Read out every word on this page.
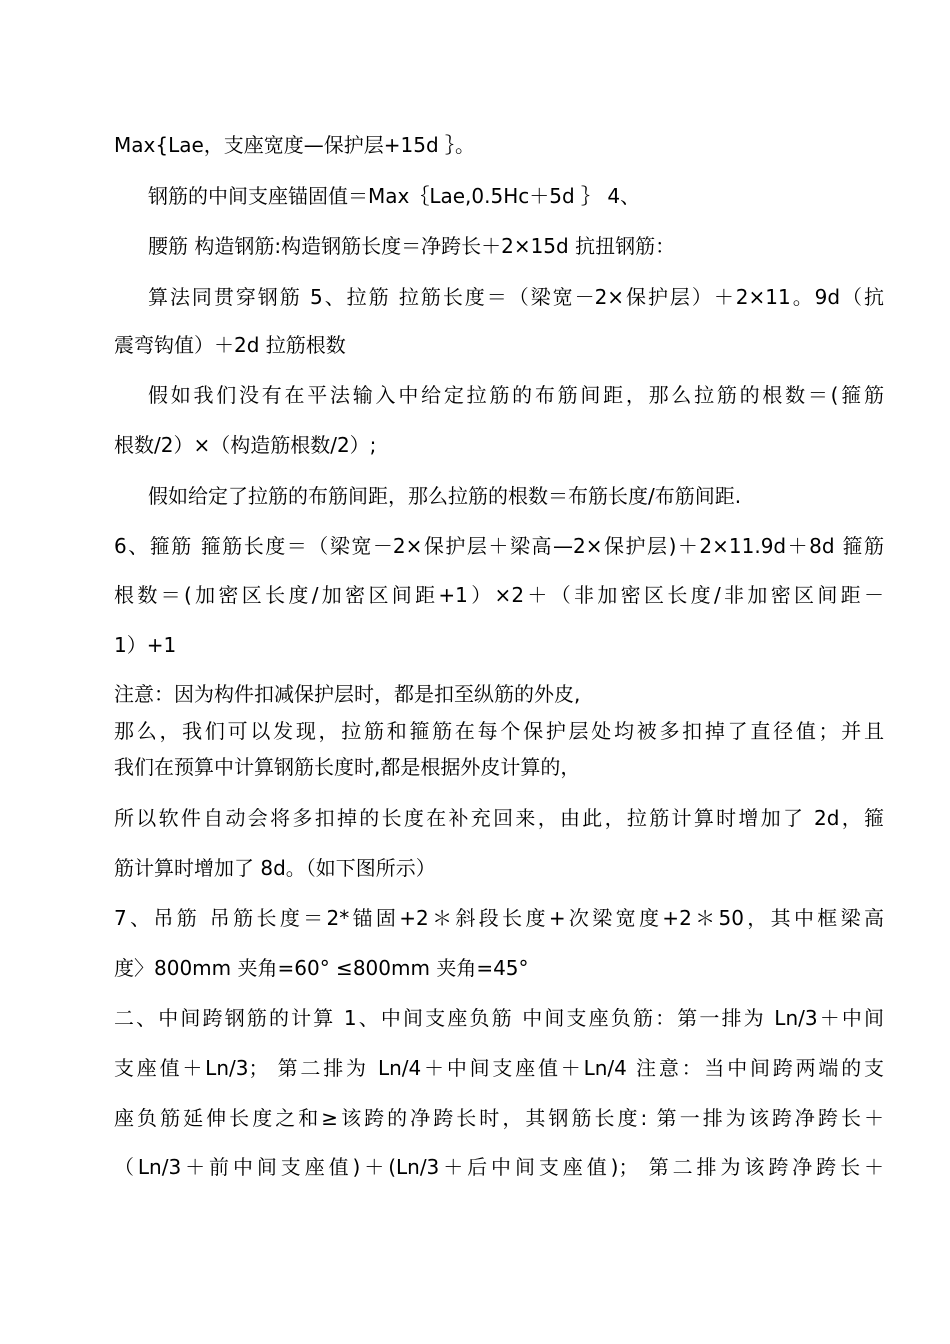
Max{Lae，支座宽度—保护层+15d ｝。
钢筋的中间支座锚固值＝Max｛Lae,0.5Hc＋5d ｝ 4、
腰筋 构造钢筋:构造钢筋长度＝净跨长＋2×15d 抗扭钢筋：
算法同贯穿钢筋 5、拉筋 拉筋长度＝（梁宽－2×保护层）＋2×11。9d（抗
震弯钩值）＋2d 拉筋根数
假如我们没有在平法输入中给定拉筋的布筋间距，那么拉筋的根数＝(箍筋
根数/2）×（构造筋根数/2）;
假如给定了拉筋的布筋间距，那么拉筋的根数＝布筋长度/布筋间距.
6、箍筋 箍筋长度＝（梁宽－2×保护层＋梁高—2×保护层)＋2×11.9d＋8d 箍筋
根数＝(加密区长度/加密区间距+1）×2＋（非加密区长度/非加密区间距－
1）+1
注意：因为构件扣减保护层时，都是扣至纵筋的外皮,
那么，我们可以发现，拉筋和箍筋在每个保护层处均被多扣掉了直径值；并且
我们在预算中计算钢筋长度时,都是根据外皮计算的，
所以软件自动会将多扣掉的长度在补充回来，由此，拉筋计算时增加了 2d，箍
筋计算时增加了 8d。（如下图所示）
7、吊筋 吊筋长度＝2*锚固+2＊斜段长度+次梁宽度+2＊50，其中框梁高
度〉800mm 夹角=60° ≤800mm 夹角=45°
二、中间跨钢筋的计算 1、中间支座负筋 中间支座负筋：第一排为 Ln/3＋中间
支座值＋Ln/3； 第二排为 Ln/4＋中间支座值＋Ln/4 注意：当中间跨两端的支
座负筋延伸长度之和≥该跨的净跨长时，其钢筋长度: 第一排为该跨净跨长＋
（Ln/3＋前中间支座值)＋(Ln/3＋后中间支座值)； 第二排为该跨净跨长＋
